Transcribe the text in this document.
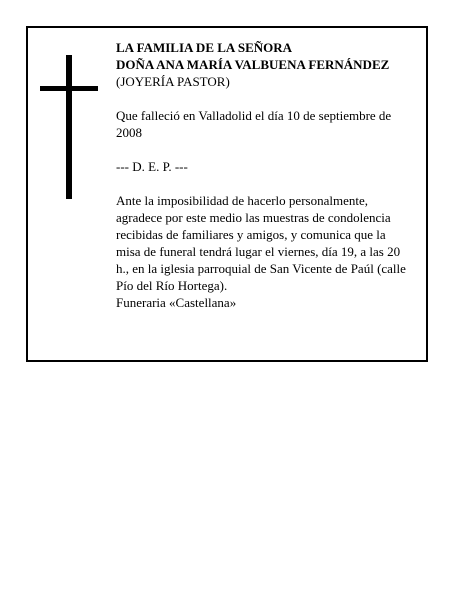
LA FAMILIA DE LA SEÑORA
DOÑA ANA MARÍA VALBUENA FERNÁNDEZ
(JOYERÍA PASTOR)
Que falleció en Valladolid el día 10 de septiembre de
2008
--- D. E. P. ---
Ante la imposibilidad de hacerlo personalmente,
agradece por este medio las muestras de condolencia
recibidas de familiares y amigos, y comunica que la
misa de funeral tendrá lugar el viernes, día 19, a las 20
h., en la iglesia parroquial de San Vicente de Paúl (calle
Pío del Río Hortega).
Funeraria «Castellana»
